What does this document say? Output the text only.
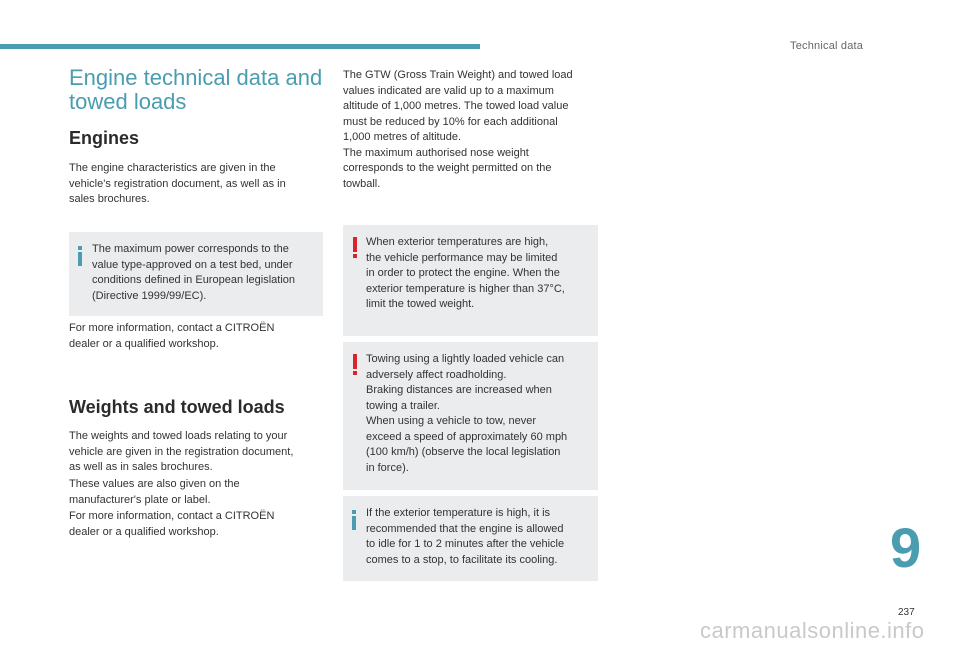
Technical data
Engine technical data and towed loads
Engines

The engine characteristics are given in the
vehicle's registration document, as well as in
sales brochures.

The maximum power corresponds to the
value type-approved on a test bed, under
conditions defined in European legislation
(Directive 1999/99/EC).

For more information, contact a CITROËN
dealer or a qualified workshop.

Weights and towed loads

The weights and towed loads relating to your
vehicle are given in the registration document,
as well as in sales brochures.

These values are also given on the
manufacturer's plate or label.

For more information, contact a CITROËN
dealer or a qualified workshop.

The GTW (Gross Train Weight) and towed load
values indicated are valid up to a maximum
altitude of 1,000 metres. The towed load value
must be reduced by 10% for each additional
1,000 metres of altitude.
The maximum authorised nose weight
corresponds to the weight permitted on the
towball.

When exterior temperatures are high,
the vehicle performance may be limited
in order to protect the engine. When the
exterior temperature is higher than 37°C,
limit the towed weight.

Towing using a lightly loaded vehicle can
adversely affect roadholding.
Braking distances are increased when
towing a trailer.
When using a vehicle to tow, never
exceed a speed of approximately 60 mph
(100 km/h) (observe the local legislation
in force).

If the exterior temperature is high, it is
recommended that the engine is allowed
to idle for 1 to 2 minutes after the vehicle
comes to a stop, to facilitate its cooling.	9
237
carmanualsonline.info
